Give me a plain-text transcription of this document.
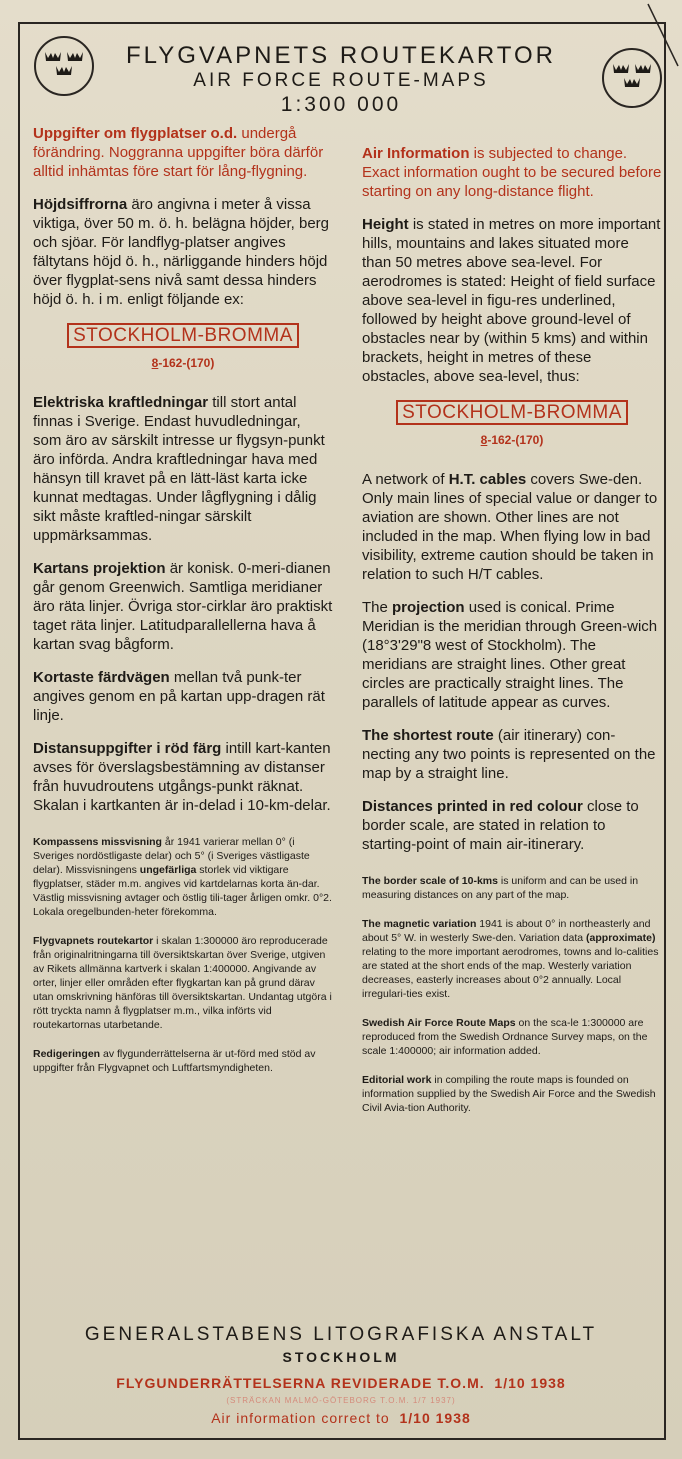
FLYGVAPNETS ROUTEKARTOR
AIR FORCE ROUTE-MAPS
1:300 000

Uppgifter om flygplatser o.d. undergå förändring. Noggranna uppgifter böra därför alltid inhämtas före start för lång-flygning.

Höjdsiffrorna äro angivna i meter å vissa viktiga, över 50 m. ö. h. belägna höjder, berg och sjöar. För landflyg-platser angives fältytans höjd ö. h., närliggande hinders höjd över flygplat-sens nivå samt dessa hinders höjd ö. h. i m. enligt följande ex:

STOCKHOLM-BROMMA
8-162-(170)

Elektriska kraftledningar till stort antal finnas i Sverige. Endast huvudledningar, som äro av särskilt intresse ur flygsyn-punkt äro införda. Andra kraftledningar hava med hänsyn till kravet på en lätt-läst karta icke kunnat medtagas. Under lågflygning i dålig sikt måste kraftled-ningar särskilt uppmärksammas.

Kartans projektion är konisk. 0-meri-dianen går genom Greenwich. Samtliga meridianer äro räta linjer. Övriga stor-cirklar äro praktiskt taget räta linjer. Latitudparallellerna hava å kartan svag bågform.

Kortaste färdvägen mellan två punk-ter angives genom en på kartan upp-dragen rät linje.

Distansuppgifter i röd färg intill kart-kanten avses för överslagsbestämning av distanser från huvudroutens utgångs-punkt räknat. Skalan i kartkanten är in-delad i 10-km-delar.

Kompassens missvisning år 1941 varierar mellan 0° (i Sveriges nordöstligaste delar) och 5° (i Sveriges västligaste delar). Missvisningens ungefärliga storlek vid viktigare flygplatser, städer m.m. angives vid kartdelarnas korta än-dar. Västlig missvisning avtager och östlig tili-tager årligen omkr. 0°2. Lokala oregelbunden-heter förekomma.

Flygvapnets routekartor i skalan 1:300000 äro reproducerade från originalritningarna till översiktskartan över Sverige, utgiven av Rikets allmänna kartverk i skalan 1:400000. Angivande av orter, linjer eller områden efter flygkartan kan på grund därav utan omskrivning hänföras till översiktskartan. Undantag utgöra i rött tryckta namn å flygplatser m.m., vilka införts vid routekartornas utarbetande.

Redigeringen av flygunderrättelserna är ut-förd med stöd av uppgifter från Flygvapnet och Luftfartsmyndigheten.

Air Information is subjected to change. Exact information ought to be secured before starting on any long-distance flight.

Height is stated in metres on more important hills, mountains and lakes situated more than 50 metres above sea-level. For aerodromes is stated: Height of field surface above sea-level in figu-res underlined, followed by height above ground-level of obstacles near by (within 5 kms) and within brackets, height in metres of these obstacles, above sea-level, thus:

STOCKHOLM-BROMMA
8-162-(170)

A network of H.T. cables covers Swe-den. Only main lines of special value or danger to aviation are shown. Other lines are not included in the map. When flying low in bad visibility, extreme caution should be taken in relation to such H/T cables.

The projection used is conical. Prime Meridian is the meridian through Green-wich (18°3'29"8 west of Stockholm). The meridians are straight lines. Other great circles are practically straight lines. The parallels of latitude appear as curves.

The shortest route (air itinerary) con-necting any two points is represented on the map by a straight line.

Distances printed in red colour close to border scale, are stated in relation to starting-point of main air-itinerary.

The border scale of 10-kms is uniform and can be used in measuring distances on any part of the map.

The magnetic variation 1941 is about 0° in northeasterly and about 5° W. in westerly Swe-den. Variation data (approximate) relating to the more important aerodromes, towns and lo-calities are stated at the short ends of the map. Westerly variation decreases, easterly increases about 0°2 annually. Local irregulari-ties exist.

Swedish Air Force Route Maps on the sca-le 1:300000 are reproduced from the Swedish Ordnance Survey maps, on the scale 1:400000; air information added.

Editorial work in compiling the route maps is founded on information supplied by the Swedish Air Force and the Swedish Civil Avia-tion Authority.

GENERALSTABENS LITOGRAFISKA ANSTALT
STOCKHOLM
FLYGUNDERRÄTTELSERNA REVIDERADE T.O.M. 1/10 1938
(STRÄCKAN MALMÖ-GÖTEBORG T.O.M. 1/7 1937)
Air information correct to 1/10 1938
